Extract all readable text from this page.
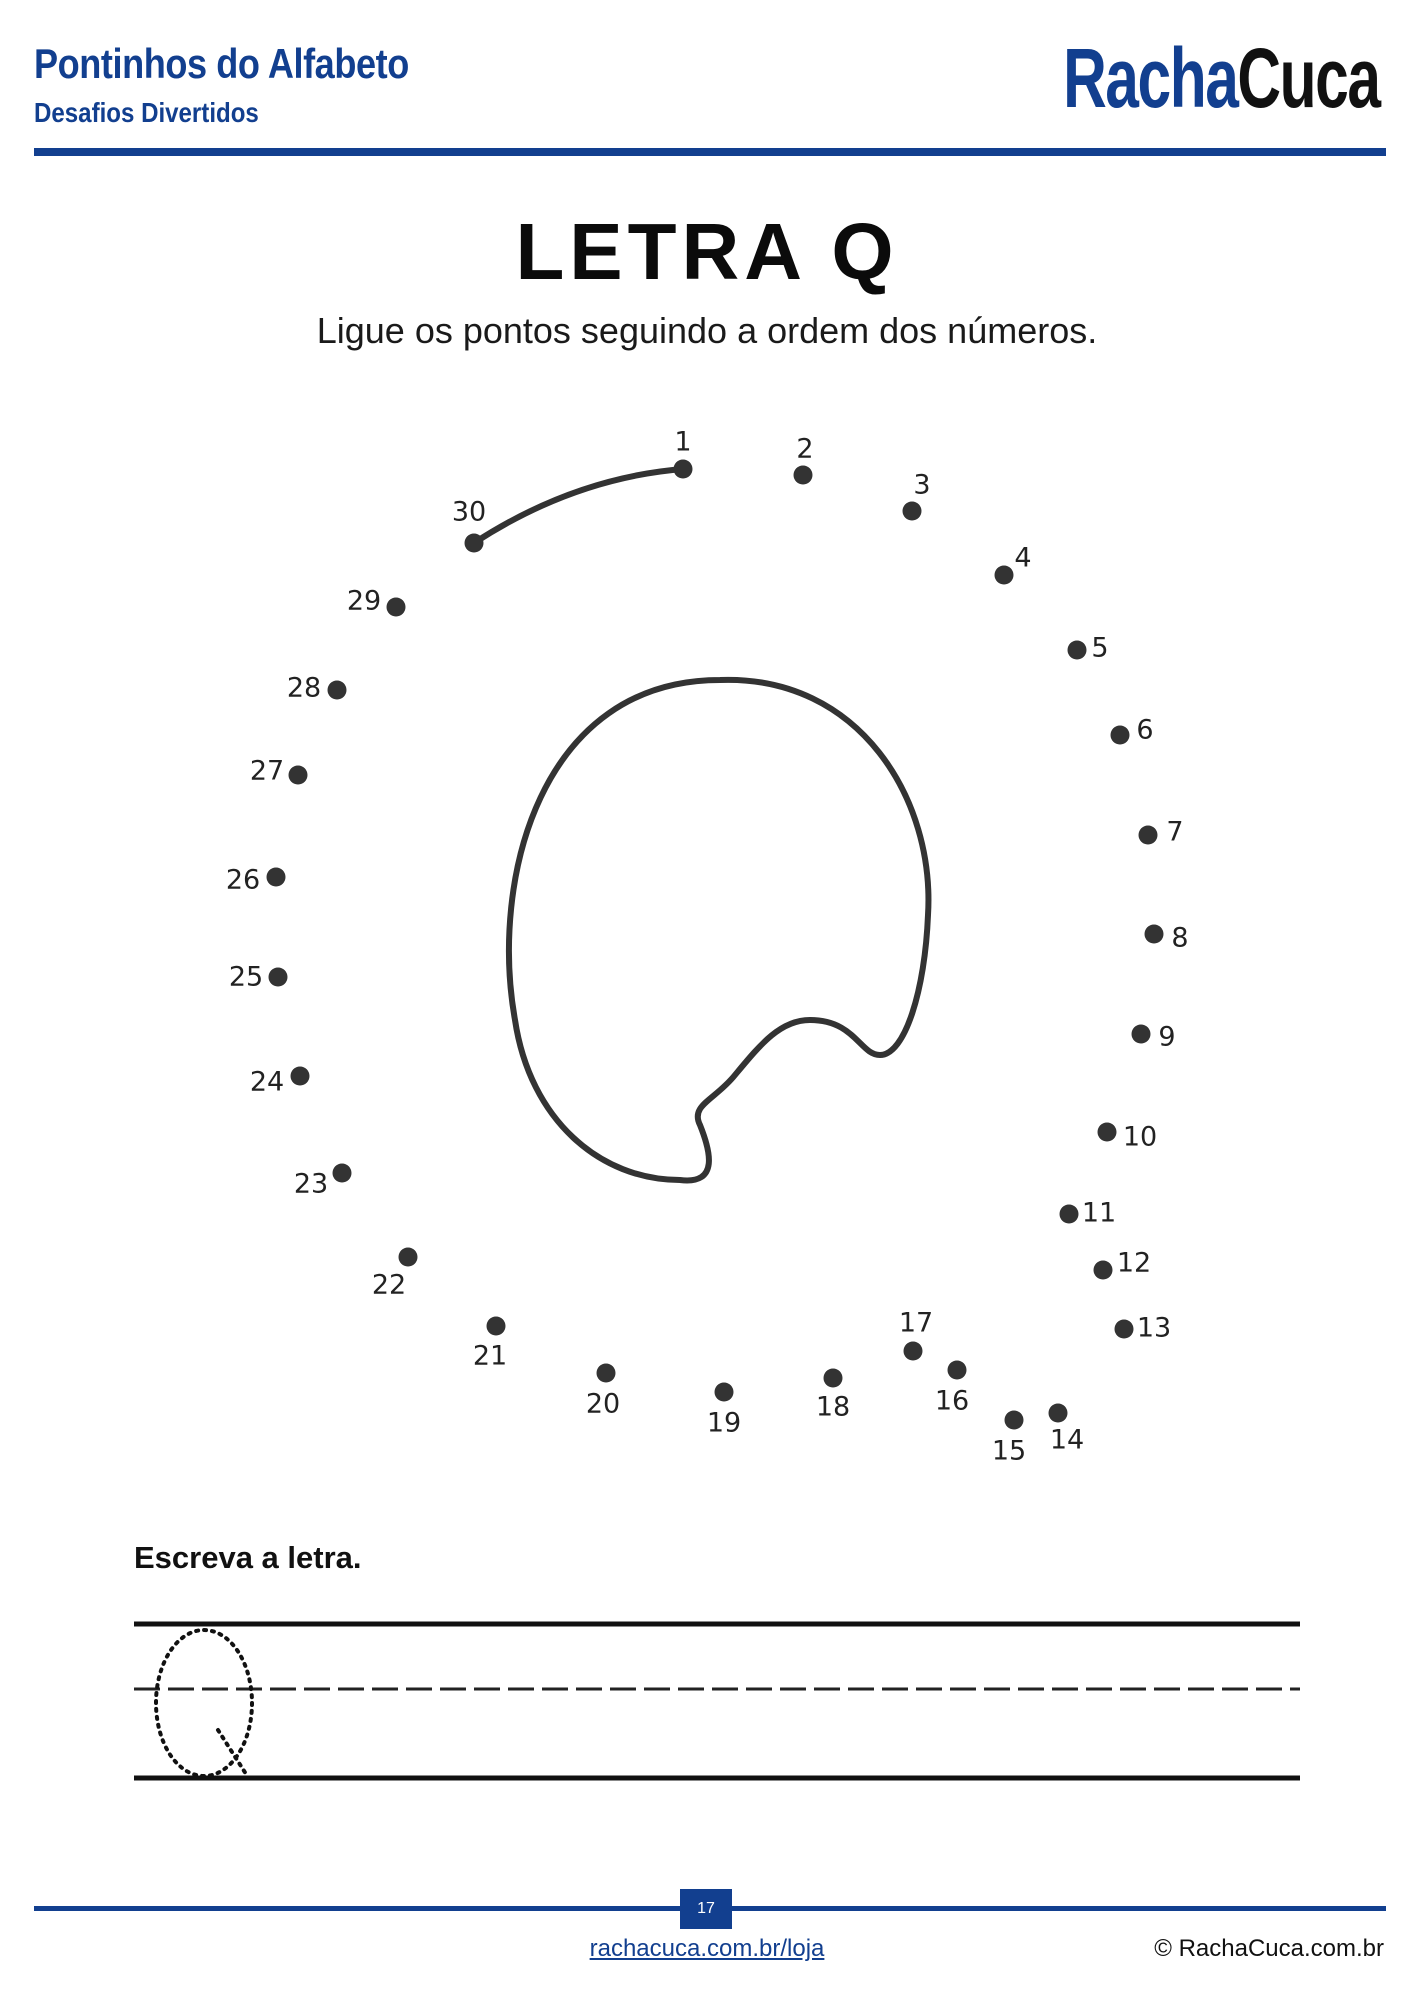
Pontinhos do Alfabeto
Desafios Divertidos	RachaCuca
LETRA Q
Ligue os pontos seguindo a ordem dos números.
1	2
3
4
5
6
7
8
9
10
11
12
13
14
15
16
17
18
19
20
21
22
23
24
25
26
27
28
29
30
Escreva a letra.
17
rachacuca.com.br/loja	© RachaCuca.com.br
